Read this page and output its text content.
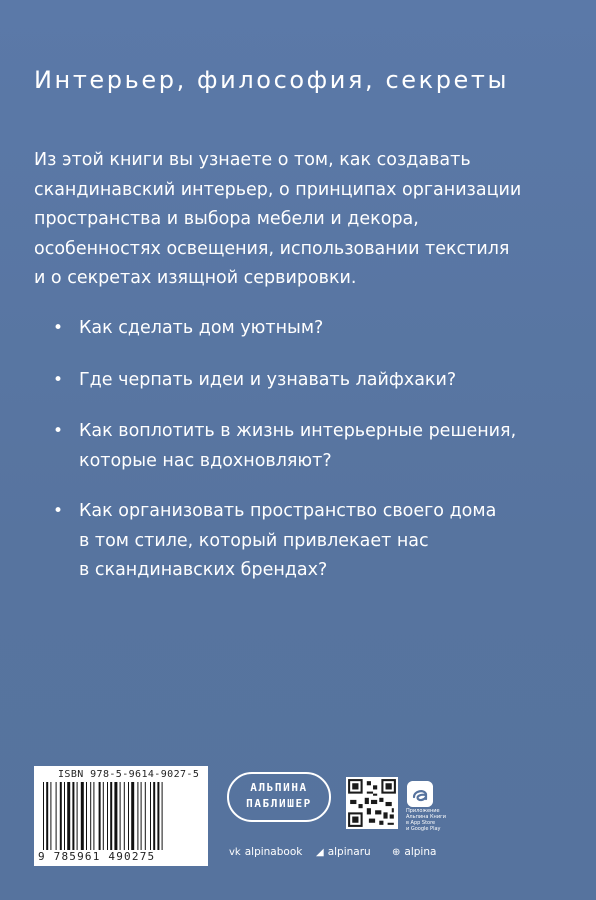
Интерьер, философия, секреты
Из этой книги вы узнаете о том, как создавать
скандинавский интерьер, о принципах организации
пространства и выбора мебели и декора,
особенностях освещения, использовании текстиля
и о секретах изящной сервировки.
• Как сделать дом уютным?
• Где черпать идеи и узнавать лайфхаки?
• Как воплотить в жизнь интерьерные решения,
которые нас вдохновляют?
• Как организовать пространство своего дома
в том стиле, который привлекает нас
в скандинавских брендах?
ISBN 978-5-9614-9027-5
9 785961 490275
АЛЬПИНА
ПАБЛИШЕР
Приложение
Альпина Книги
в App Store
и Google Play
vk alpinabook ◢ alpinaru ⊕ alpina
